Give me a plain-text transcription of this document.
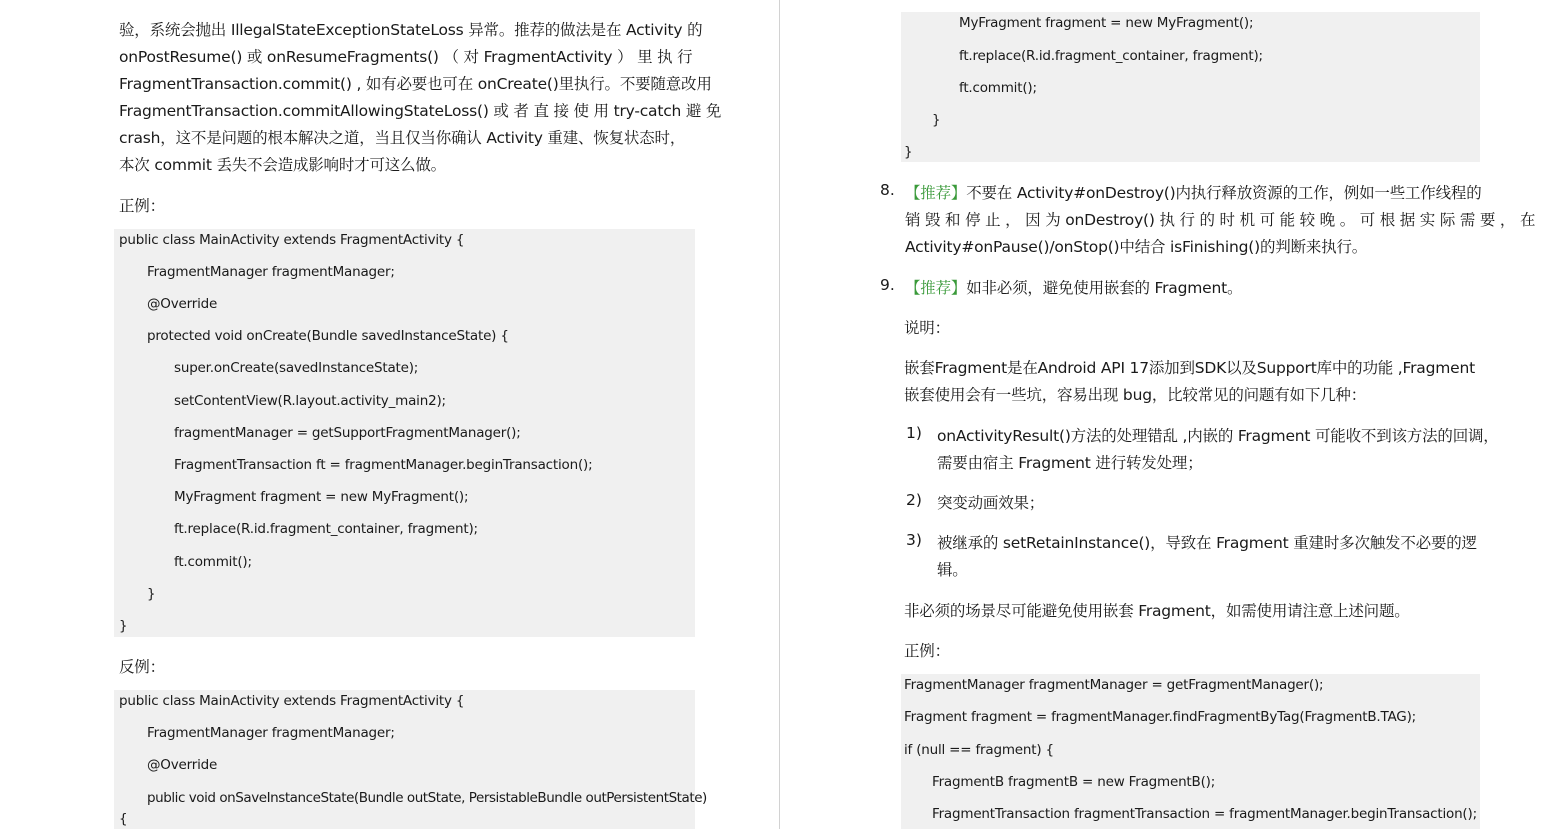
验，系统会抛出 IllegalStateExceptionStateLoss 异常。推荐的做法是在 Activity 的
onPostResume() 或 onResumeFragments() （ 对 FragmentActivity ） 里 执 行
FragmentTransaction.commit() , 如有必要也可在 onCreate()里执行。不要随意改用
FragmentTransaction.commitAllowingStateLoss() 或 者 直 接 使 用 try-catch 避 免
crash，这不是问题的根本解决之道，当且仅当你确认 Activity 重建、恢复状态时，
本次 commit 丢失不会造成影响时才可这么做。
正例：
public class MainActivity extends FragmentActivity {
FragmentManager fragmentManager;
@Override
protected void onCreate(Bundle savedInstanceState) {
super.onCreate(savedInstanceState);
setContentView(R.layout.activity_main2);
fragmentManager = getSupportFragmentManager();
FragmentTransaction ft = fragmentManager.beginTransaction();
MyFragment fragment = new MyFragment();
ft.replace(R.id.fragment_container, fragment);
ft.commit();
}
}
反例：
public class MainActivity extends FragmentActivity {
FragmentManager fragmentManager;
@Override
public void onSaveInstanceState(Bundle outState, PersistableBundle outPersistentState)
{
MyFragment fragment = new MyFragment();
ft.replace(R.id.fragment_container, fragment);
ft.commit();
}
}
8. 【推荐】不要在 Activity#onDestroy()内执行释放资源的工作，例如一些工作线程的
销 毁 和 停 止 ， 因 为 onDestroy() 执 行 的 时 机 可 能 较 晚 。 可 根 据 实 际 需 要 ， 在
Activity#onPause()/onStop()中结合 isFinishing()的判断来执行。
9. 【推荐】如非必须，避免使用嵌套的 Fragment。
说明：
嵌套Fragment是在Android API 17添加到SDK以及Support库中的功能 ,Fragment
嵌套使用会有一些坑，容易出现 bug，比较常见的问题有如下几种：
1) onActivityResult()方法的处理错乱 ,内嵌的 Fragment 可能收不到该方法的回调，
需要由宿主 Fragment 进行转发处理；
2) 突变动画效果；
3) 被继承的 setRetainInstance()，导致在 Fragment 重建时多次触发不必要的逻
辑。
非必须的场景尽可能避免使用嵌套 Fragment，如需使用请注意上述问题。
正例：
FragmentManager fragmentManager = getFragmentManager();
Fragment fragment = fragmentManager.findFragmentByTag(FragmentB.TAG);
if (null == fragment) {
FragmentB fragmentB = new FragmentB();
FragmentTransaction fragmentTransaction = fragmentManager.beginTransaction();
